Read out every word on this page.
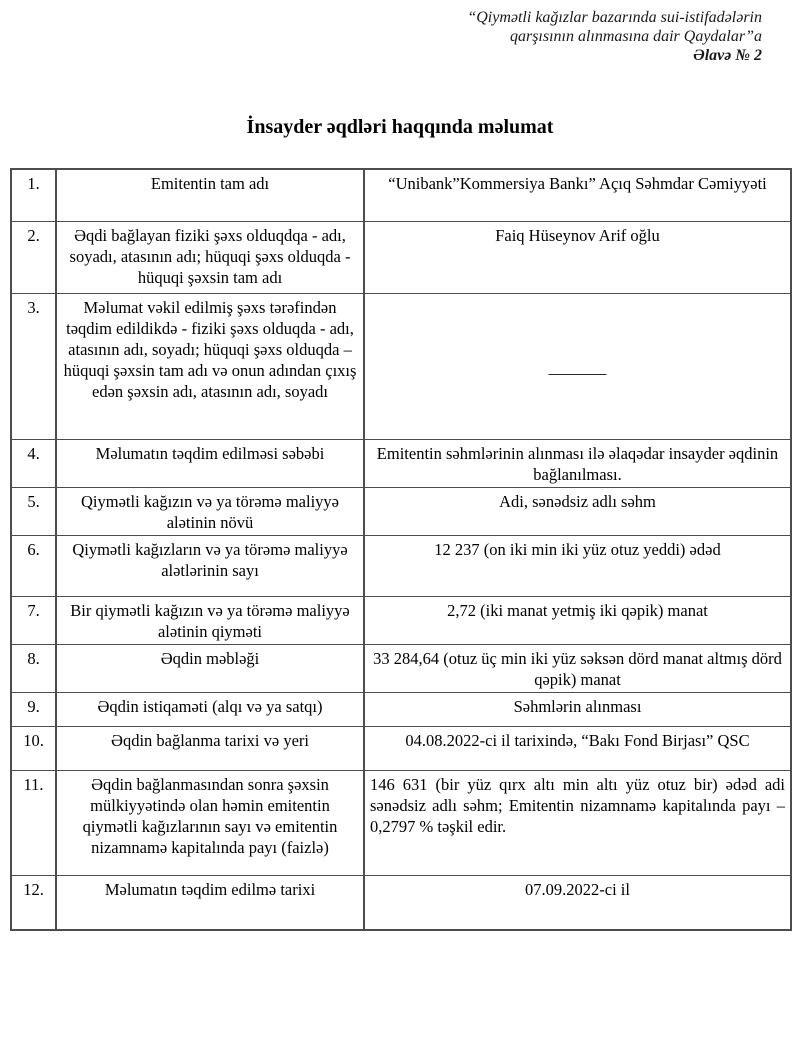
“Qiymətli kağızlar bazarında sui-istifadələrin
qarşısının alınmasına dair Qaydalar”a
Əlavə № 2
İnsayder əqdləri haqqında məlumat
1.	Emitentin tam adı	“Unibank”Kommersiya Bankı” Açıq Səhmdar Cəmiyyəti
2.	Əqdi bağlayan fiziki şəxs olduqdqa - adı, soyadı, atasının adı; hüquqi şəxs olduqda - hüquqi şəxsin tam adı	Faiq Hüseynov Arif oğlu
3.	Məlumat vəkil edilmiş şəxs tərəfindən təqdim edildikdə - fiziki şəxs olduqda - adı, atasının adı, soyadı; hüquqi şəxs olduqda – hüquqi şəxsin tam adı və onun adından çıxış edən şəxsin adı, atasının adı, soyadı	_______
4.	Məlumatın təqdim edilməsi səbəbi	Emitentin səhmlərinin alınması ilə əlaqədar insayder əqdinin bağlanılması.
5.	Qiymətli kağızın və ya törəmə maliyyə alətinin növü	Adi, sənədsiz adlı səhm
6.	Qiymətli kağızların və ya törəmə maliyyə alətlərinin sayı	12 237 (on iki min iki yüz otuz yeddi) ədəd
7.	Bir qiymətli kağızın və ya törəmə maliyyə alətinin qiyməti	2,72 (iki manat yetmiş iki qəpik) manat
8.	Əqdin məbləği	33 284,64 (otuz üç min iki yüz səksən dörd manat altmış dörd qəpik) manat
9.	Əqdin istiqaməti (alqı və ya satqı)	Səhmlərin alınması
10.	Əqdin bağlanma tarixi və yeri	04.08.2022-ci il tarixində, “Bakı Fond Birjası” QSC
11.	Əqdin bağlanmasından sonra şəxsin mülkiyyətində olan həmin emitentin qiymətli kağızlarının sayı və emitentin nizamnamə kapitalında payı (faizlə)	146 631 (bir yüz qırx altı min altı yüz otuz bir) ədəd adi sənədsiz adlı səhm; Emitentin nizamnamə kapitalında payı – 0,2797 % təşkil edir.
12.	Məlumatın təqdim edilmə tarixi	07.09.2022-ci il
